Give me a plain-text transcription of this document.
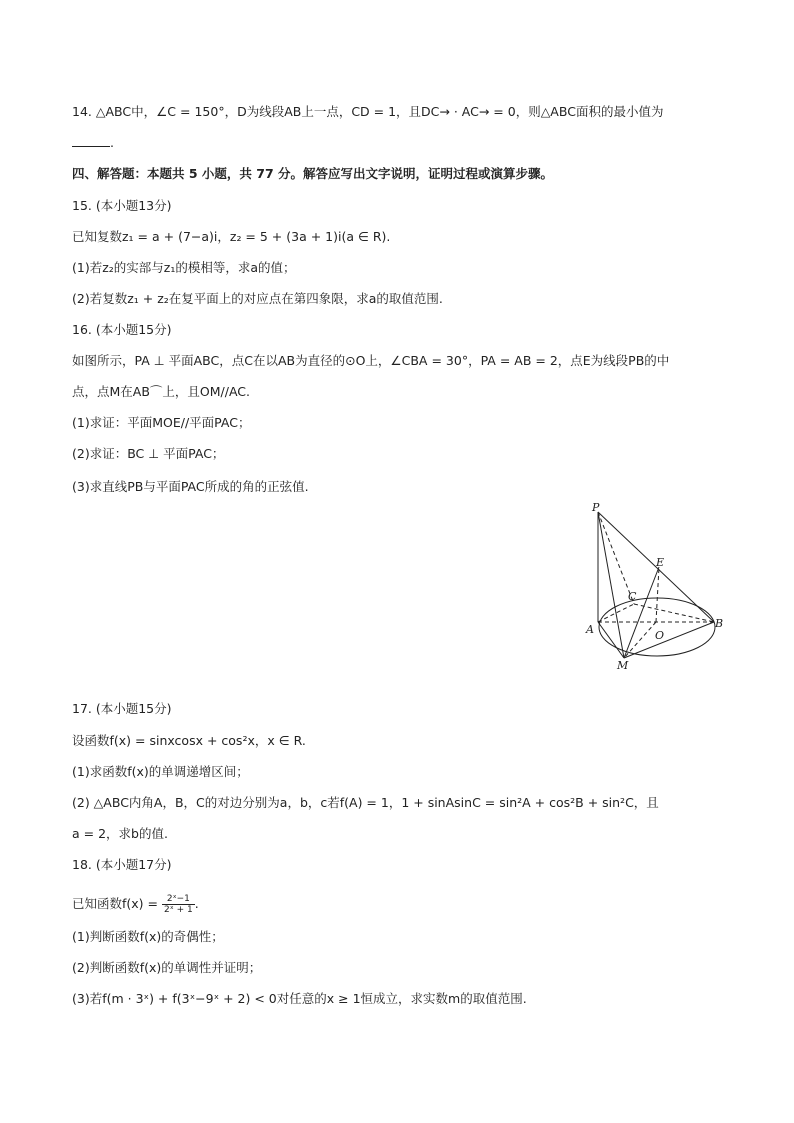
14. △ABC中，∠C = 150°，D为线段AB上一点，CD = 1，且DC→ · AC→ = 0，则△ABC面积的最小值为
.
四、解答题：本题共 5 小题，共 77 分。解答应写出文字说明，证明过程或演算步骤。
15. (本小题13分)
已知复数z₁ = a + (7−a)i，z₂ = 5 + (3a + 1)i(a ∈ R).
(1)若z₂的实部与z₁的模相等，求a的值；
(2)若复数z₁ + z₂在复平面上的对应点在第四象限，求a的取值范围.
16. (本小题15分)
如图所示，PA ⊥ 平面ABC，点C在以AB为直径的⊙O上，∠CBA = 30°，PA = AB = 2，点E为线段PB的中
点，点M在AB⌒上，且OM//AC.
(1)求证：平面MOE//平面PAC；
(2)求证：BC ⊥ 平面PAC；
(3)求直线PB与平面PAC所成的角的正弦值.
P
E
C
A	B
O
M
17. (本小题15分)
设函数f(x) = sinxcosx + cos²x，x ∈ R.
(1)求函数f(x)的单调递增区间；
(2) △ABC内角A，B，C的对边分别为a，b，c若f(A) = 1，1 + sinAsinC = sin²A + cos²B + sin²C，且
a = 2，求b的值.
18. (本小题17分)
已知函数$f(x) = \frac{\text{2ˣ−1}}{\text{2ˣ + 1}}$ .
(1)判断函数f(x)的奇偶性；
(2)判断函数f(x)的单调性并证明；
(3)若f(m · 3ˣ) + f(3ˣ−9ˣ + 2) < 0对任意的x ≥ 1恒成立，求实数m的取值范围.
